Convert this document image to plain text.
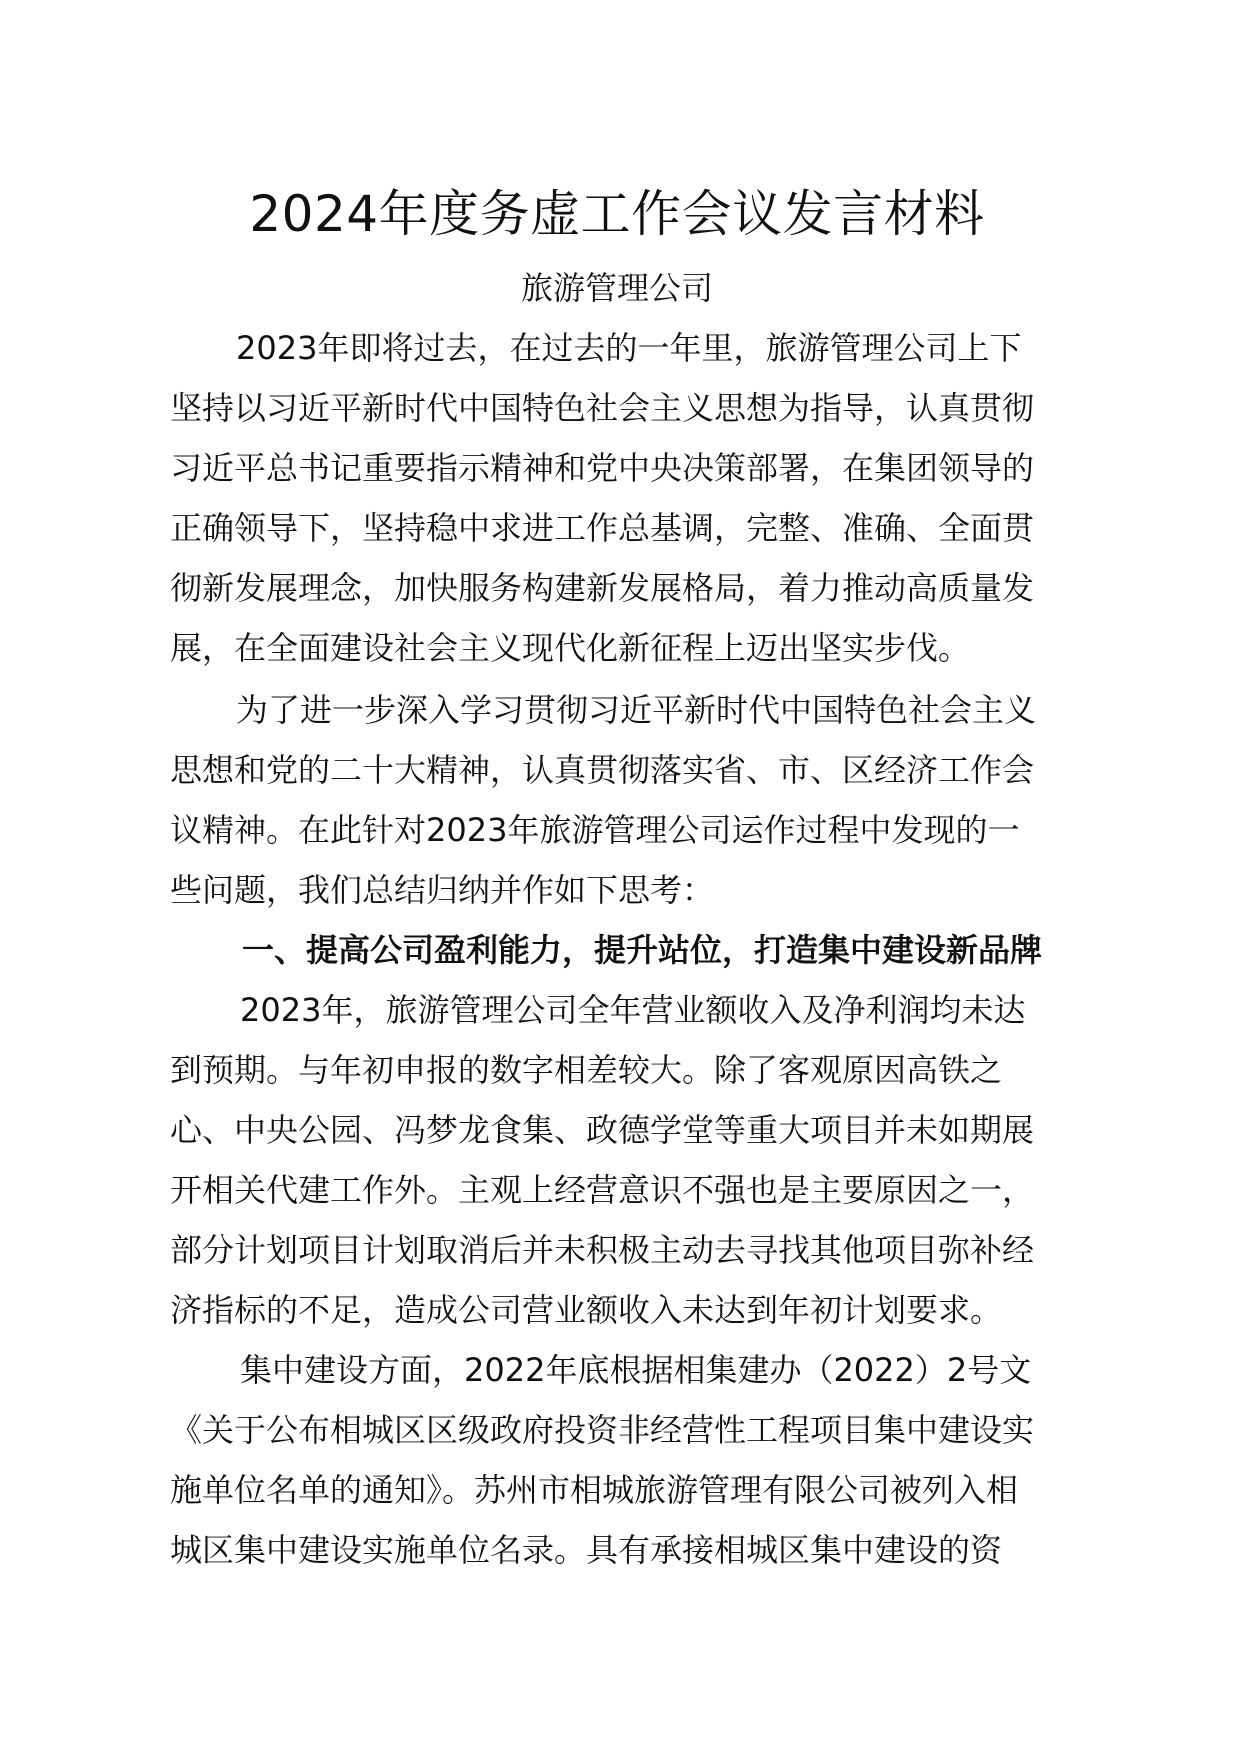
2024年度务虚工作会议发言材料
旅游管理公司
2023年即将过去，在过去的一年里，旅游管理公司上下
坚持以习近平新时代中国特色社会主义思想为指导，认真贯彻
习近平总书记重要指示精神和党中央决策部署，在集团领导的
正确领导下，坚持稳中求进工作总基调，完整、准确、全面贯
彻新发展理念，加快服务构建新发展格局，着力推动高质量发
展，在全面建设社会主义现代化新征程上迈出坚实步伐。
为了进一步深入学习贯彻习近平新时代中国特色社会主义
思想和党的二十大精神，认真贯彻落实省、市、区经济工作会
议精神。在此针对2023年旅游管理公司运作过程中发现的一
些问题，我们总结归纳并作如下思考：
一、提高公司盈利能力，提升站位，打造集中建设新品牌
2023年，旅游管理公司全年营业额收入及净利润均未达
到预期。与年初申报的数字相差较大。除了客观原因高铁之
心、中央公园、冯梦龙食集、政德学堂等重大项目并未如期展
开相关代建工作外。主观上经营意识不强也是主要原因之一，
部分计划项目计划取消后并未积极主动去寻找其他项目弥补经
济指标的不足，造成公司营业额收入未达到年初计划要求。
集中建设方面，2022年底根据相集建办（2022）2号文
《关于公布相城区区级政府投资非经营性工程项目集中建设实
施单位名单的通知》。苏州市相城旅游管理有限公司被列入相
城区集中建设实施单位名录。具有承接相城区集中建设的资
